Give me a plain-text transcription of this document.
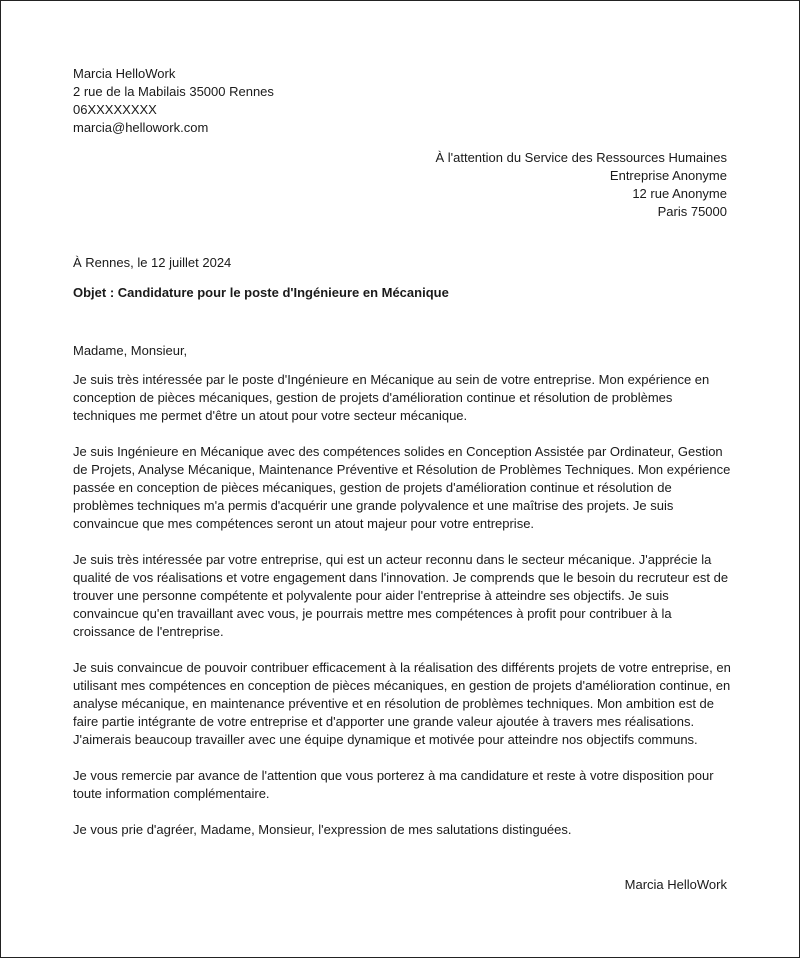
Marcia HelloWork
2 rue de la Mabilais 35000 Rennes
06XXXXXXXX
marcia@hellowork.com
À l'attention du Service des Ressources Humaines
Entreprise Anonyme
12 rue Anonyme
Paris 75000
À Rennes, le 12 juillet 2024
Objet : Candidature pour le poste d'Ingénieure en Mécanique
Madame, Monsieur,

Je suis très intéressée par le poste d'Ingénieure en Mécanique au sein de votre entreprise. Mon expérience en conception de pièces mécaniques, gestion de projets d'amélioration continue et résolution de problèmes techniques me permet d'être un atout pour votre secteur mécanique.

Je suis Ingénieure en Mécanique avec des compétences solides en Conception Assistée par Ordinateur, Gestion de Projets, Analyse Mécanique, Maintenance Préventive et Résolution de Problèmes Techniques. Mon expérience passée en conception de pièces mécaniques, gestion de projets d'amélioration continue et résolution de problèmes techniques m'a permis d'acquérir une grande polyvalence et une maîtrise des projets. Je suis convaincue que mes compétences seront un atout majeur pour votre entreprise.

Je suis très intéressée par votre entreprise, qui est un acteur reconnu dans le secteur mécanique. J'apprécie la qualité de vos réalisations et votre engagement dans l'innovation. Je comprends que le besoin du recruteur est de trouver une personne compétente et polyvalente pour aider l'entreprise à atteindre ses objectifs. Je suis convaincue qu'en travaillant avec vous, je pourrais mettre mes compétences à profit pour contribuer à la croissance de l'entreprise.

Je suis convaincue de pouvoir contribuer efficacement à la réalisation des différents projets de votre entreprise, en utilisant mes compétences en conception de pièces mécaniques, en gestion de projets d'amélioration continue, en analyse mécanique, en maintenance préventive et en résolution de problèmes techniques. Mon ambition est de faire partie intégrante de votre entreprise et d'apporter une grande valeur ajoutée à travers mes réalisations. J'aimerais beaucoup travailler avec une équipe dynamique et motivée pour atteindre nos objectifs communs.

Je vous remercie par avance de l'attention que vous porterez à ma candidature et reste à votre disposition pour toute information complémentaire.

Je vous prie d'agréer, Madame, Monsieur, l'expression de mes salutations distinguées.

Marcia HelloWork
